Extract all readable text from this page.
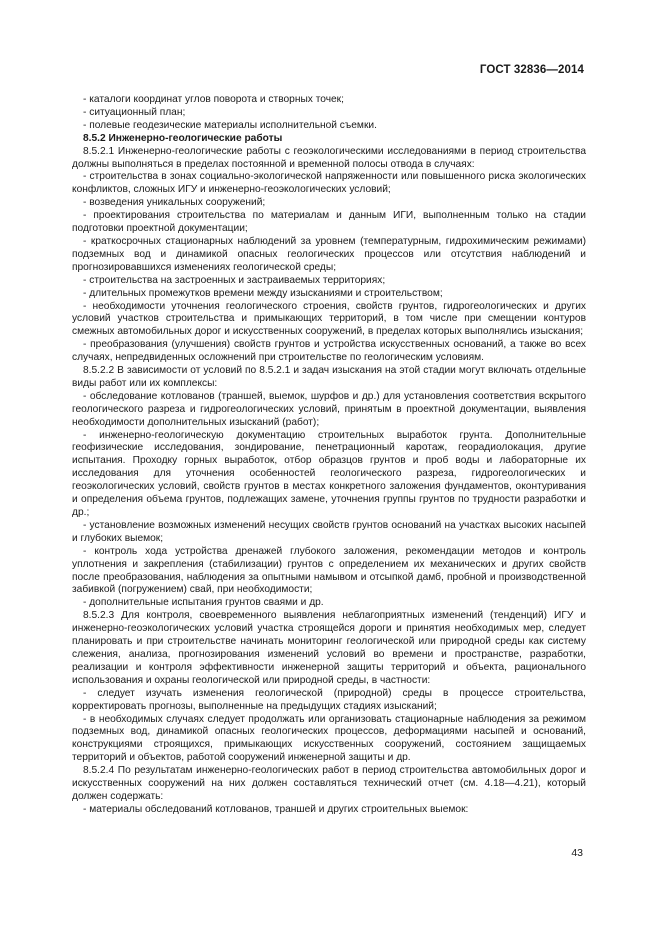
ГОСТ 32836—2014

- каталоги координат углов поворота и створных точек;

- ситуационный план;

- полевые геодезические материалы исполнительной съемки.

8.5.2 Инженерно-геологические работы

8.5.2.1 Инженерно-геологические работы с геоэкологическими исследованиями в период строительства должны выполняться в пределах постоянной и временной полосы отвода в случаях:

- строительства в зонах социально-экологической напряженности или повышенного риска экологических конфликтов, сложных ИГУ и инженерно-геоэкологических условий;

- возведения уникальных сооружений;

- проектирования строительства по материалам и данным ИГИ, выполненным только на стадии подготовки проектной документации;

- краткосрочных стационарных наблюдений за уровнем (температурным, гидрохимическим режимами) подземных вод и динамикой опасных геологических процессов или отсутствия наблюдений и прогнозировавшихся изменениях геологической среды;

- строительства на застроенных и застраиваемых территориях;

- длительных промежутков времени между изысканиями и строительством;

- необходимости уточнения геологического строения, свойств грунтов, гидрогеологических и других условий участков строительства и примыкающих территорий, в том числе при смещении контуров смежных автомобильных дорог и искусственных сооружений, в пределах которых выполнялись изыскания;

- преобразования (улучшения) свойств грунтов и устройства искусственных оснований, а также во всех случаях, непредвиденных осложнений при строительстве по геологическим условиям.

8.5.2.2 В зависимости от условий по 8.5.2.1 и задач изыскания на этой стадии могут включать отдельные виды работ или их комплексы:

- обследование котлованов (траншей, выемок, шурфов и др.) для установления соответствия вскрытого геологического разреза и гидрогеологических условий, принятым в проектной документации, выявления необходимости дополнительных изысканий (работ);

- инженерно-геологическую документацию строительных выработок грунта. Дополнительные геофизические исследования, зондирование, пенетрационный каротаж, георадиолокация, другие испытания. Проходку горных выработок, отбор образцов грунтов и проб воды и лабораторные их исследования для уточнения особенностей геологического разреза, гидрогеологических и геоэкологических условий, свойств грунтов в местах конкретного заложения фундаментов, оконтуривания и определения объема грунтов, подлежащих замене, уточнения группы грунтов по трудности разработки и др.;

- установление возможных изменений несущих свойств грунтов оснований на участках высоких насыпей и глубоких выемок;

- контроль хода устройства дренажей глубокого заложения, рекомендации методов и контроль уплотнения и закрепления (стабилизации) грунтов с определением их механических и других свойств после преобразования, наблюдения за опытными намывом и отсыпкой дамб, пробной и производственной забивкой (погружением) свай, при необходимости;

- дополнительные испытания грунтов сваями и др.

8.5.2.3 Для контроля, своевременного выявления неблагоприятных изменений (тенденций) ИГУ и инженерно-геоэкологических условий участка строящейся дороги и принятия необходимых мер, следует планировать и при строительстве начинать мониторинг геологической или природной среды как систему слежения, анализа, прогнозирования изменений условий во времени и пространстве, разработки, реализации и контроля эффективности инженерной защиты территорий и объекта, рационального использования и охраны геологической или природной среды, в частности:

- следует изучать изменения геологической (природной) среды в процессе строительства, корректировать прогнозы, выполненные на предыдущих стадиях изысканий;

- в необходимых случаях следует продолжать или организовать стационарные наблюдения за режимом подземных вод, динамикой опасных геологических процессов, деформациями насыпей и оснований, конструкциями строящихся, примыкающих искусственных сооружений, состоянием защищаемых территорий и объектов, работой сооружений инженерной защиты и др.

8.5.2.4 По результатам инженерно-геологических работ в период строительства автомобильных дорог и искусственных сооружений на них должен составляться технический отчет (см. 4.18—4.21), который должен содержать:

- материалы обследований котлованов, траншей и других строительных выемок:

43
